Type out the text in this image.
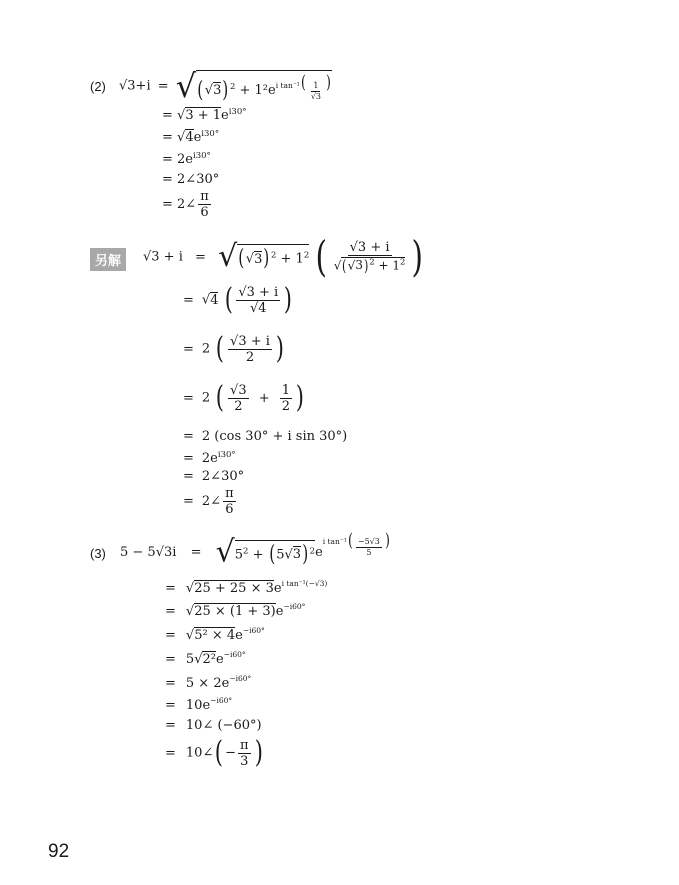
(2) $√3+i = √(√3)^2 + 1^2e^{i tan^{-1}}( \frac{1}{√3}$ )
= $√3 + 1e^{i30^\circ}$
= $√4e^{i30^\circ}$
= $2e^{i30^\circ}$
= 2∠30°
= 2∠ $\frac{\pi}{6}$
另解	$√3 + i = √(√3)^2 + 1^2$ ( $\frac{√3 + i}{√(√3)^2 + 1^2}$ )
= √4 ( $\frac{√3 + i}{√4}$ )
= 2 ( $\frac{√3 + i}{2}$ )
= 2 ( $\frac{√3}{2} + \frac{1}{2}$ )
= 2 (cos 30° + i sin 30°)
= $2e^{i30^\circ}$
= 2∠30°
= 2∠ $\frac{\pi}{6}$
(3) $5 - 5√3i = √5^2 + (5√3)^2e^{i tan^{-1}}( \frac{-5√3}{5}$ )
= $√25 + 25 \times 3e^{i tan^{-1}(-√3)}$
= $√25 \times (1 + 3)e^{-i60^\circ}$
= $√5^2 \times 4e^{-i60^\circ}$
= $5√2^2e^{-i60^\circ}$
= $5 \times 2e^{-i60^\circ}$
= $10e^{-i60^\circ}$
= 10∠ (−60°)
= 10∠( − $\frac{\pi}{3}$ )
92
